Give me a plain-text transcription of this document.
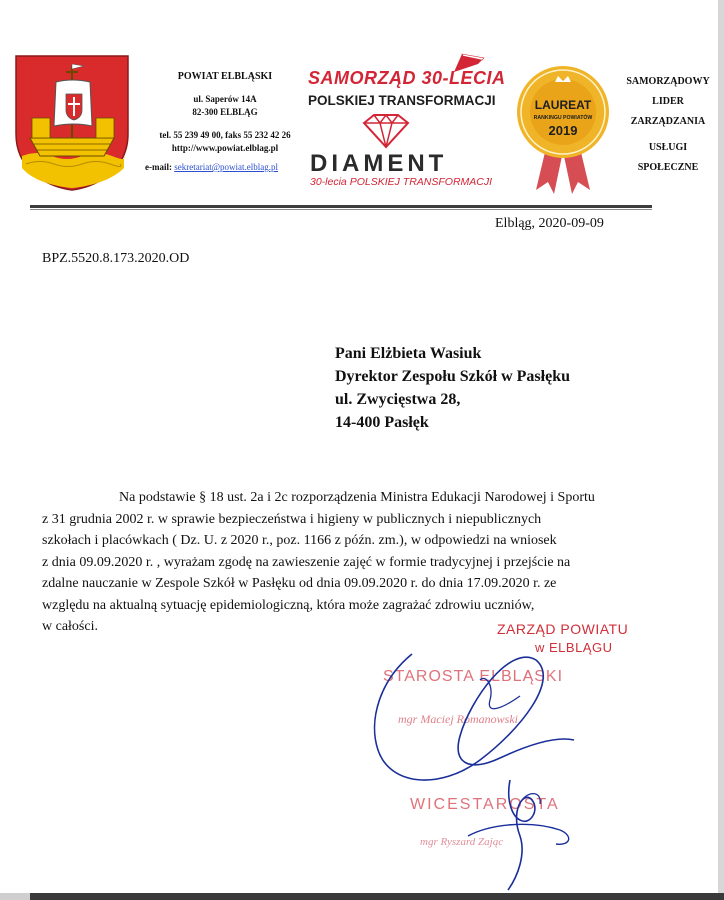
POWIAT ELBLĄSKI
ul. Saperów 14A
82-300 ELBLĄG
tel. 55 239 49 00, faks 55 232 42 26
http://www.powiat.elblag.pl
e-mail: sekretariat@powiat.elblag.pl
SAMORZĄD 30-LECIA
POLSKIEJ TRANSFORMACJI
DIAMENT
30-lecia POLSKIEJ TRANSFORMACJI
LAUREAT
RANKINGU POWIATÓW
2019
SAMORZĄDOWY
LIDER
ZARZĄDZANIA
USŁUGI
SPOŁECZNE
Elbląg, 2020-09-09
BPZ.5520.8.173.2020.OD
Pani Elżbieta Wasiuk
Dyrektor Zespołu Szkół w Pasłęku
ul. Zwycięstwa 28,
14-400 Pasłęk
Na podstawie § 18 ust. 2a i 2c rozporządzenia Ministra Edukacji Narodowej i Sportu
z 31 grudnia 2002 r. w sprawie bezpieczeństwa i higieny w publicznych i niepublicznych
szkołach i placówkach ( Dz. U. z 2020 r., poz. 1166 z późn. zm.), w odpowiedzi na wniosek
z dnia 09.09.2020 r. , wyrażam zgodę na zawieszenie zajęć w formie tradycyjnej i przejście na
zdalne nauczanie w Zespole Szkół w Pasłęku od dnia 09.09.2020 r. do dnia 17.09.2020 r. ze
względu na aktualną sytuację epidemiologiczną, która może zagrażać zdrowiu uczniów,
w całości.	ZARZĄD POWIATU
w ELBLĄGU
STAROSTA ELBLĄSKI
mgr Maciej Romanowski
WICESTAROSTA
mgr Ryszard Zając
